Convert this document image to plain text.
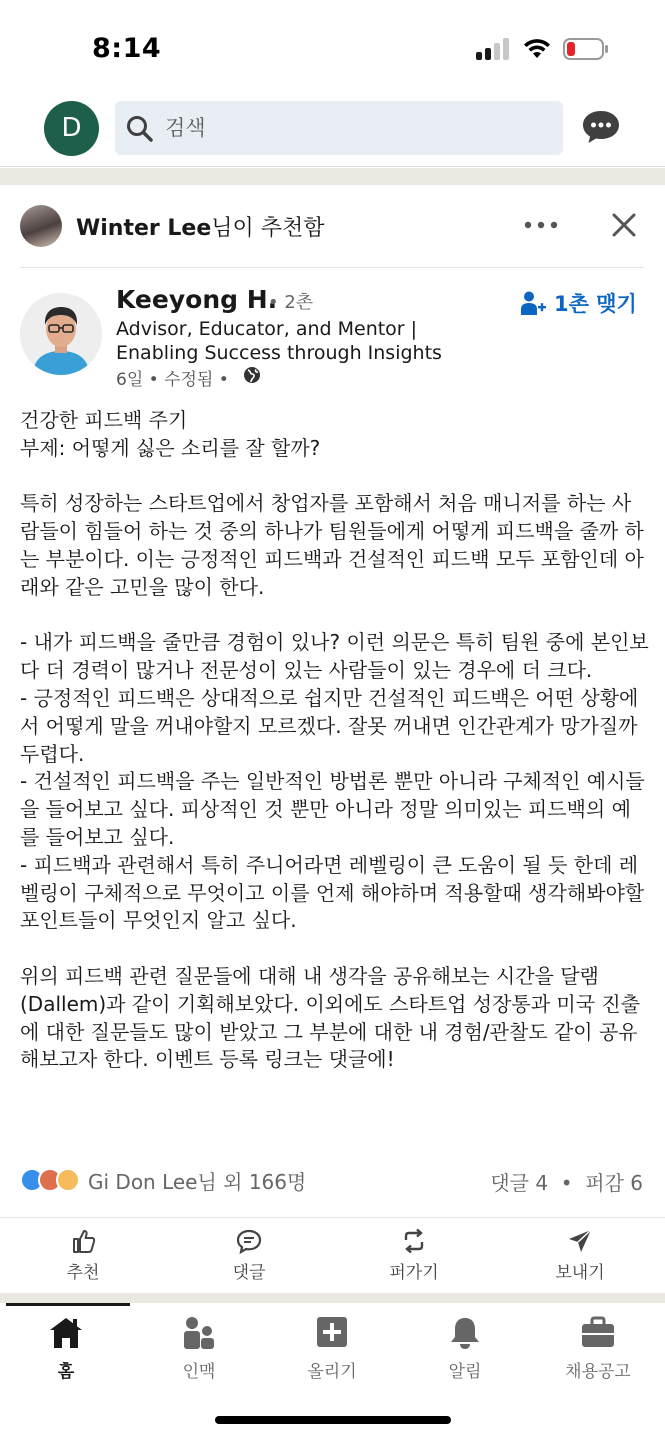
8:14
D
검색
Winter Lee님이 추천함
Keeyong H.
• 2촌
Advisor, Educator, and Mentor | Enabling Success through Insights
6일 • 수정됨 •
1촌 맺기

건강한 피드백 주기

부제: 어떻게 싫은 소리를 잘 할까?

특히 성장하는 스타트업에서 창업자를 포함해서 처음 매니저를 하는 사람들이 힘들어 하는 것 중의 하나가 팀원들에게 어떻게 피드백을 줄까 하는 부분이다. 이는 긍정적인 피드백과 건설적인 피드백 모두 포함인데 아래와 같은 고민을 많이 한다.

- 내가 피드백을 줄만큼 경험이 있나? 이런 의문은 특히 팀원 중에 본인보다 더 경력이 많거나 전문성이 있는 사람들이 있는 경우에 더 크다.

- 긍정적인 피드백은 상대적으로 쉽지만 건설적인 피드백은 어떤 상황에서 어떻게 말을 꺼내야할지 모르겠다. 잘못 꺼내면 인간관계가 망가질까 두렵다.

- 건설적인 피드백을 주는 일반적인 방법론 뿐만 아니라 구체적인 예시들을 들어보고 싶다. 피상적인 것 뿐만 아니라 정말 의미있는 피드백의 예를 들어보고 싶다.

- 피드백과 관련해서 특히 주니어라면 레벨링이 큰 도움이 될 듯 한데 레벨링이 구체적으로 무엇이고 이를 언제 해야하며 적용할때 생각해봐야할 포인트들이 무엇인지 알고 싶다.

위의 피드백 관련 질문들에 대해 내 생각을 공유해보는 시간을 달램(Dallem)과 같이 기획해보았다. 이외에도 스타트업 성장통과 미국 진출에 대한 질문들도 많이 받았고 그 부분에 대한 내 경험/관찰도 같이 공유해보고자 한다. 이벤트 등록 링크는 댓글에!

Gi Don Lee님 외 166명	댓글 4  •  퍼감 6
추천	댓글	퍼가기	보내기
홈	인맥	올리기	알림	채용공고
